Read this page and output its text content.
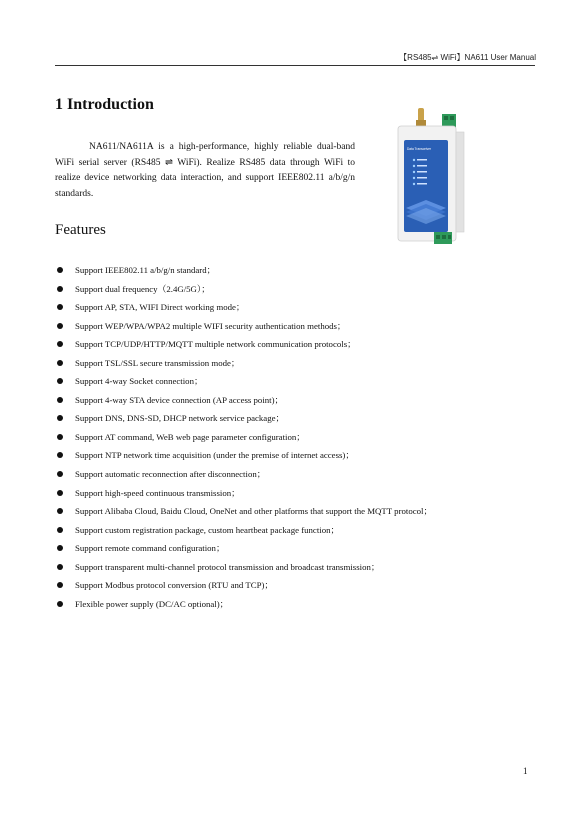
【RS485⇌ WiFi】NA611 User Manual
1 Introduction
NA611/NA611A is a high-performance, highly reliable dual-band WiFi serial server (RS485 ⇌ WiFi). Realize RS485 data through WiFi to realize device networking data interaction, and support IEEE802.11 a/b/g/n standards.
Features
Support IEEE802.11 a/b/g/n standard；
Support dual frequency（2.4G/5G）；
Support AP, STA, WIFI Direct working mode；
Support WEP/WPA/WPA2 multiple WIFI security authentication methods；
Support TCP/UDP/HTTP/MQTT multiple network communication protocols；
Support TSL/SSL secure transmission mode；
Support 4-way Socket connection；
Support 4-way STA device connection (AP access point)；
Support DNS, DNS-SD, DHCP network service package；
Support AT command, WeB web page parameter configuration；
Support NTP network time acquisition (under the premise of internet access)；
Support automatic reconnection after disconnection；
Support high-speed continuous transmission；
Support Alibaba Cloud, Baidu Cloud, OneNet and other platforms that support the MQTT protocol；
Support custom registration package, custom heartbeat package function；
Support remote command configuration；
Support transparent multi-channel protocol transmission and broadcast transmission；
Support Modbus protocol conversion (RTU and TCP)；
Flexible power supply (DC/AC optional)；
Data Transceiver
1
